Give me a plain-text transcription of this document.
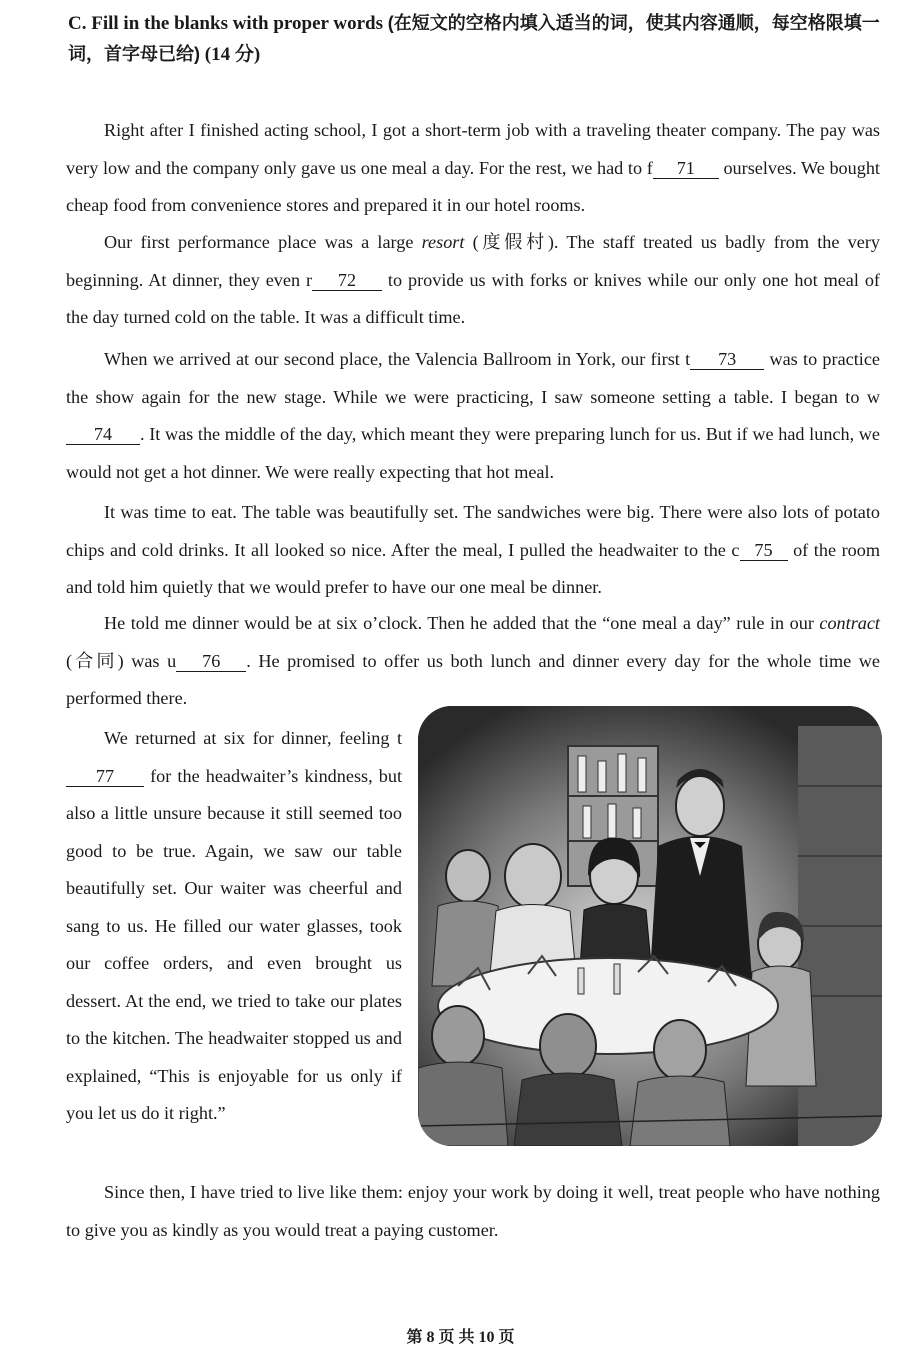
C. Fill in the blanks with proper words (在短文的空格内填入适当的词，使其内容通顺，每空格限填一词，首字母已给) (14 分)

Right after I finished acting school, I got a short-term job with a traveling theater company. The pay was very low and the company only gave us one meal a day. For the rest, we had to f 71 ourselves. We bought cheap food from convenience stores and prepared it in our hotel rooms.

Our first performance place was a large resort (度假村). The staff treated us badly from the very beginning. At dinner, they even r 72 to provide us with forks or knives while our only one hot meal of the day turned cold on the table. It was a difficult time.

When we arrived at our second place, the Valencia Ballroom in York, our first t 73 was to practice the show again for the new stage. While we were practicing, I saw someone setting a table. I began to w74 . It was the middle of the day, which meant they were preparing lunch for us. But if we had lunch, we would not get a hot dinner. We were really expecting that hot meal.

It was time to eat. The table was beautifully set. The sandwiches were big. There were also lots of potato chips and cold drinks. It all looked so nice. After the meal, I pulled the headwaiter to the c 75 of the room and told him quietly that we would prefer to have our one meal be dinner.

He told me dinner would be at six o’clock. Then he added that the “one meal a day” rule in our contract (合同) was u 76 . He promised to offer us both lunch and dinner every day for the whole time we performed there.

We returned at six for dinner, feeling t77 for the headwaiter’s kindness, but also a little unsure because it still seemed too good to be true. Again, we saw our table beautifully set. Our waiter was cheerful and sang to us. He filled our water glasses, took our coffee orders, and even brought us dessert. At the end, we tried to take our plates to the kitchen. The headwaiter stopped us and explained, “This is enjoyable for us only if you let us do it right.”

Since then, I have tried to live like them: enjoy your work by doing it well, treat people who have nothing to give you as kindly as you would treat a paying customer.

第 8 页 共 10 页
